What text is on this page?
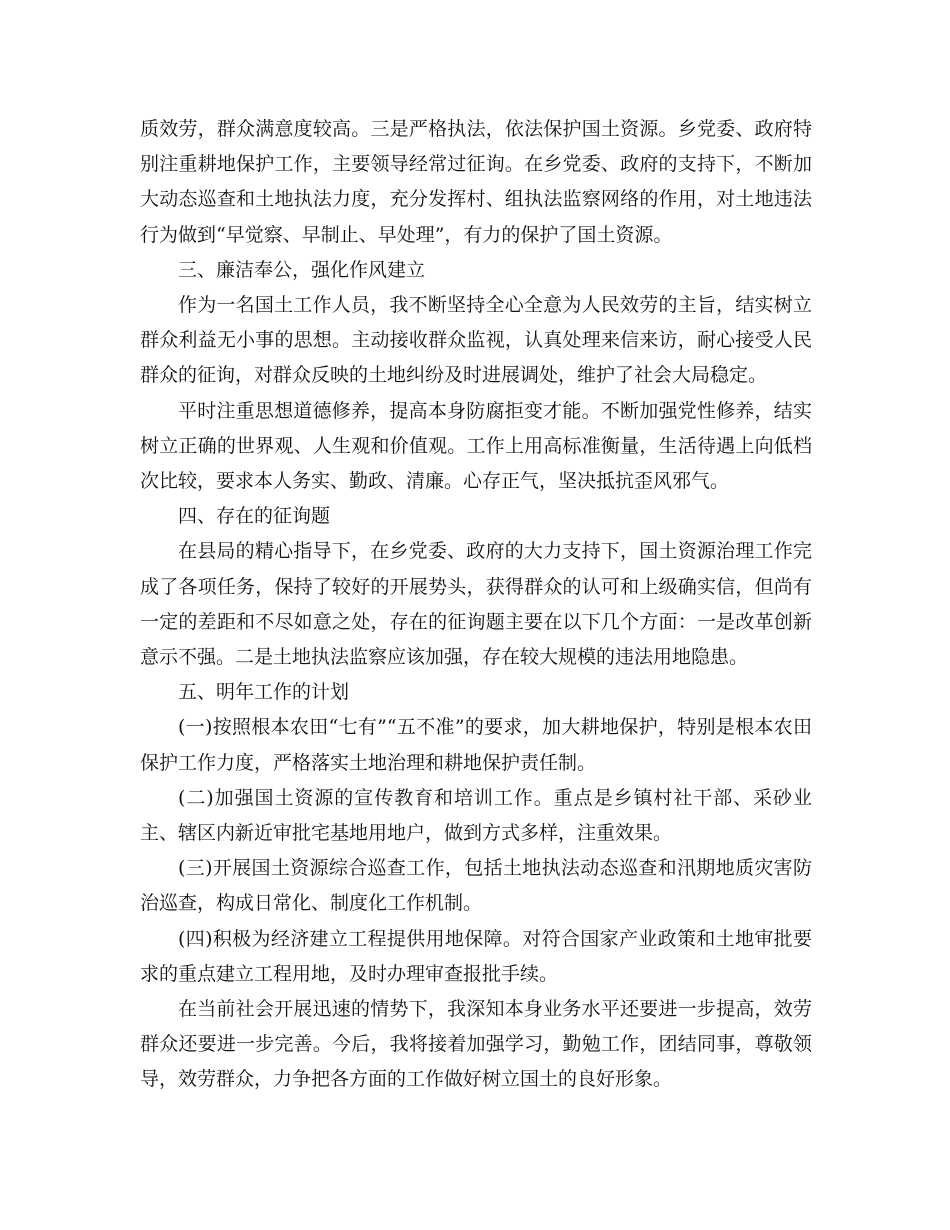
质效劳，群众满意度较高。三是严格执法，依法保护国土资源。乡党委、政府特别注重耕地保护工作，主要领导经常过征询。在乡党委、政府的支持下，不断加大动态巡查和土地执法力度，充分发挥村、组执法监察网络的作用，对土地违法行为做到“早觉察、早制止、早处理”，有力的保护了国土资源。

三、廉洁奉公，强化作风建立

作为一名国土工作人员，我不断坚持全心全意为人民效劳的主旨，结实树立群众利益无小事的思想。主动接收群众监视，认真处理来信来访，耐心接受人民群众的征询，对群众反映的土地纠纷及时进展调处，维护了社会大局稳定。

平时注重思想道德修养，提高本身防腐拒变才能。不断加强党性修养，结实树立正确的世界观、人生观和价值观。工作上用高标准衡量，生活待遇上向低档次比较，要求本人务实、勤政、清廉。心存正气，坚决抵抗歪风邪气。

四、存在的征询题

在县局的精心指导下，在乡党委、政府的大力支持下，国土资源治理工作完成了各项任务，保持了较好的开展势头，获得群众的认可和上级确实信，但尚有一定的差距和不尽如意之处，存在的征询题主要在以下几个方面：一是改革创新意示不强。二是土地执法监察应该加强，存在较大规模的违法用地隐患。

五、明年工作的计划

(一)按照根本农田“七有”“五不准”的要求，加大耕地保护，特别是根本农田保护工作力度，严格落实土地治理和耕地保护责任制。

(二)加强国土资源的宣传教育和培训工作。重点是乡镇村社干部、采砂业主、辖区内新近审批宅基地用地户，做到方式多样，注重效果。

(三)开展国土资源综合巡查工作，包括土地执法动态巡查和汛期地质灾害防治巡查，构成日常化、制度化工作机制。

(四)积极为经济建立工程提供用地保障。对符合国家产业政策和土地审批要求的重点建立工程用地，及时办理审查报批手续。

在当前社会开展迅速的情势下，我深知本身业务水平还要进一步提高，效劳群众还要进一步完善。今后，我将接着加强学习，勤勉工作，团结同事，尊敬领导，效劳群众，力争把各方面的工作做好树立国土的良好形象。
